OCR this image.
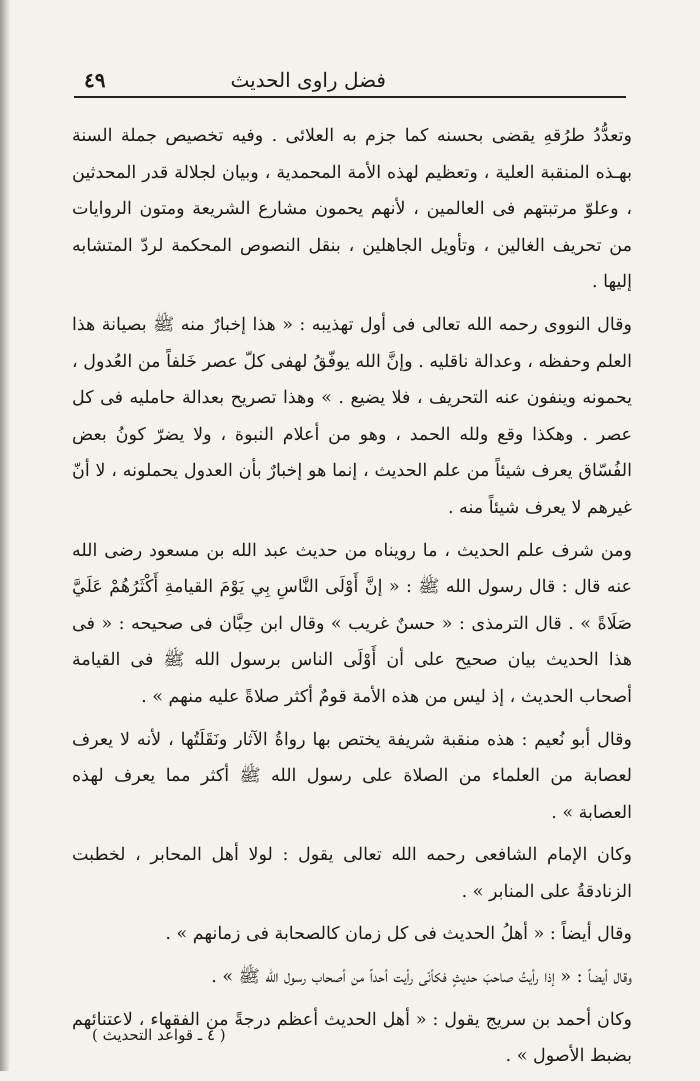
فضل راوى الحديث
٤٩

وتعدُّدُ طرُقهِ يقضى بحسنه كما جزم به العلائى . وفيه تخصيص جملة السنة بهـذه المنقبة العلية ، وتعظيم لهذه الأمة المحمدية ، وبيان لجلالة قدر المحدثين ، وعلوّ مرتبتهم فى العالمين ، لأنهم يحمون مشارع الشريعة ومتون الروايات من تحريف الغالين ، وتأويل الجاهلين ، بنقل النصوص المحكمة لردّ المتشابه إليها .

وقال النووى رحمه الله تعالى فى أول تهذيبه : « هذا إخبارٌ منه ﷺ بصيانة هذا العلم وحفظه ، وعدالة ناقليه . وإنَّ الله يوفّقُ لهفى كلّ عصر خَلفاً من العُدول ، يحمونه وينفون عنه التحريف ، فلا يضيع . » وهذا تصريح بعدالة حامليه فى كل عصر . وهكذا وقع ولله الحمد ، وهو من أعلام النبوة ، ولا يضرّ كونُ بعض الفُسّاق يعرف شيئاً من علم الحديث ، إنما هو إخبارٌ بأن العدول يحملونه ، لا أنّ غيرهم لا يعرف شيئاً منه .

ومن شرف علم الحديث ، ما رويناه من حديث عبد الله بن مسعود رضى الله عنه قال : قال رسول الله ﷺ : « إنَّ أَوْلَى النَّاسِ بِي يَوْمَ القيامةِ أَكْثَرُهُمْ عَلَيَّ صَلَاةً » . قال الترمذى : « حسنٌ غريب » وقال ابن حِبَّان فى صحيحه : « فى هذا الحديث بيان صحيح على أن أَوْلَى الناس برسول الله ﷺ فى القيامة أصحاب الحديث ، إذ ليس من هذه الأمة قومٌ أكثر صلاةً عليه منهم » .

وقال أبو نُعيم : هذه منقبة شريفة يختص بها رواةُ الآثار ونَقَلَتُها ، لأنه لا يعرف لعصابة من العلماء من الصلاة على رسول الله ﷺ أكثر مما يعرف لهذه العصابة » .

وكان الإمام الشافعى رحمه الله تعالى يقول : لولا أهل المحابر ، لخطبت الزنادقةُ على المنابر » .

وقال أيضاً : « أهلُ الحديث فى كل زمان كالصحابة فى زمانهم » .

وقال أيضاً : « إذا رأيتُ صاحبَ حديثٍ فكأنّى رأيت أحداً من أصحاب رسول الله ﷺ » .

وكان أحمد بن سريج يقول : « أهل الحديث أعظم درجةً من الفقهاء ، لاعتنائهم بضبط الأصول » .

( ٤ ـ قواعد التحديث )
